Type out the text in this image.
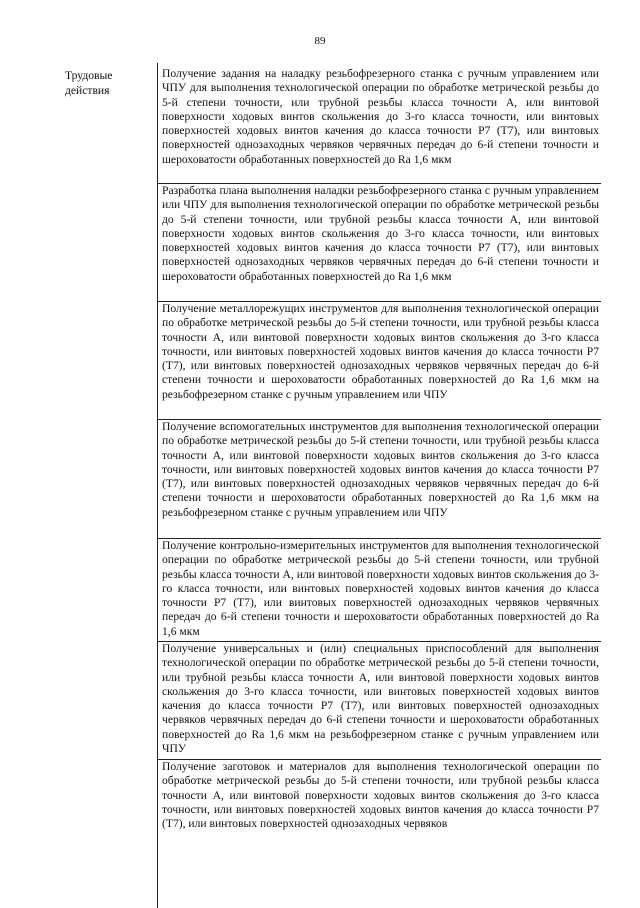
89
Трудовые действия
Получение задания на наладку резьбофрезерного станка с ручным управлением или ЧПУ для выполнения технологической операции по обработке метрической резьбы до 5-й степени точности, или трубной резьбы класса точности А, или винтовой поверхности ходовых винтов скольжения до 3-го класса точности, или винтовых поверхностей ходовых винтов качения до класса точности Р7 (Т7), или винтовых поверхностей однозаходных червяков червячных передач до 6-й степени точности и шероховатости обработанных поверхностей до Ra 1,6 мкм
Разработка плана выполнения наладки резьбофрезерного станка с ручным управлением или ЧПУ для выполнения технологической операции по обработке метрической резьбы до 5-й степени точности, или трубной резьбы класса точности А, или винтовой поверхности ходовых винтов скольжения до 3-го класса точности, или винтовых поверхностей ходовых винтов качения до класса точности Р7 (Т7), или винтовых поверхностей однозаходных червяков червячных передач до 6-й степени точности и шероховатости обработанных поверхностей до Ra 1,6 мкм
Получение металлорежущих инструментов для выполнения технологической операции по обработке метрической резьбы до 5-й степени точности, или трубной резьбы класса точности А, или винтовой поверхности ходовых винтов скольжения до 3-го класса точности, или винтовых поверхностей ходовых винтов качения до класса точности Р7 (Т7), или винтовых поверхностей однозаходных червяков червячных передач до 6-й степени точности и шероховатости обработанных поверхностей до Ra 1,6 мкм на резьбофрезерном станке с ручным управлением или ЧПУ
Получение вспомогательных инструментов для выполнения технологической операции по обработке метрической резьбы до 5-й степени точности, или трубной резьбы класса точности А, или винтовой поверхности ходовых винтов скольжения до 3-го класса точности, или винтовых поверхностей ходовых винтов качения до класса точности Р7 (Т7), или винтовых поверхностей однозаходных червяков червячных передач до 6-й степени точности и шероховатости обработанных поверхностей до Ra 1,6 мкм на резьбофрезерном станке с ручным управлением или ЧПУ
Получение контрольно-измерительных инструментов для выполнения технологической операции по обработке метрической резьбы до 5-й степени точности, или трубной резьбы класса точности А, или винтовой поверхности ходовых винтов скольжения до 3-го класса точности, или винтовых поверхностей ходовых винтов качения до класса точности Р7 (Т7), или винтовых поверхностей однозаходных червяков червячных передач до 6-й степени точности и шероховатости обработанных поверхностей до Ra 1,6 мкм
Получение универсальных и (или) специальных приспособлений для выполнения технологической операции по обработке метрической резьбы до 5-й степени точности, или трубной резьбы класса точности А, или винтовой поверхности ходовых винтов скольжения до 3-го класса точности, или винтовых поверхностей ходовых винтов качения до класса точности Р7 (Т7), или винтовых поверхностей однозаходных червяков червячных передач до 6-й степени точности и шероховатости обработанных поверхностей до Ra 1,6 мкм на резьбофрезерном станке с ручным управлением или ЧПУ
Получение заготовок и материалов для выполнения технологической операции по обработке метрической резьбы до 5-й степени точности, или трубной резьбы класса точности А, или винтовой поверхности ходовых винтов скольжения до 3-го класса точности, или винтовых поверхностей ходовых винтов качения до класса точности Р7 (Т7), или винтовых поверхностей однозаходных червяков
